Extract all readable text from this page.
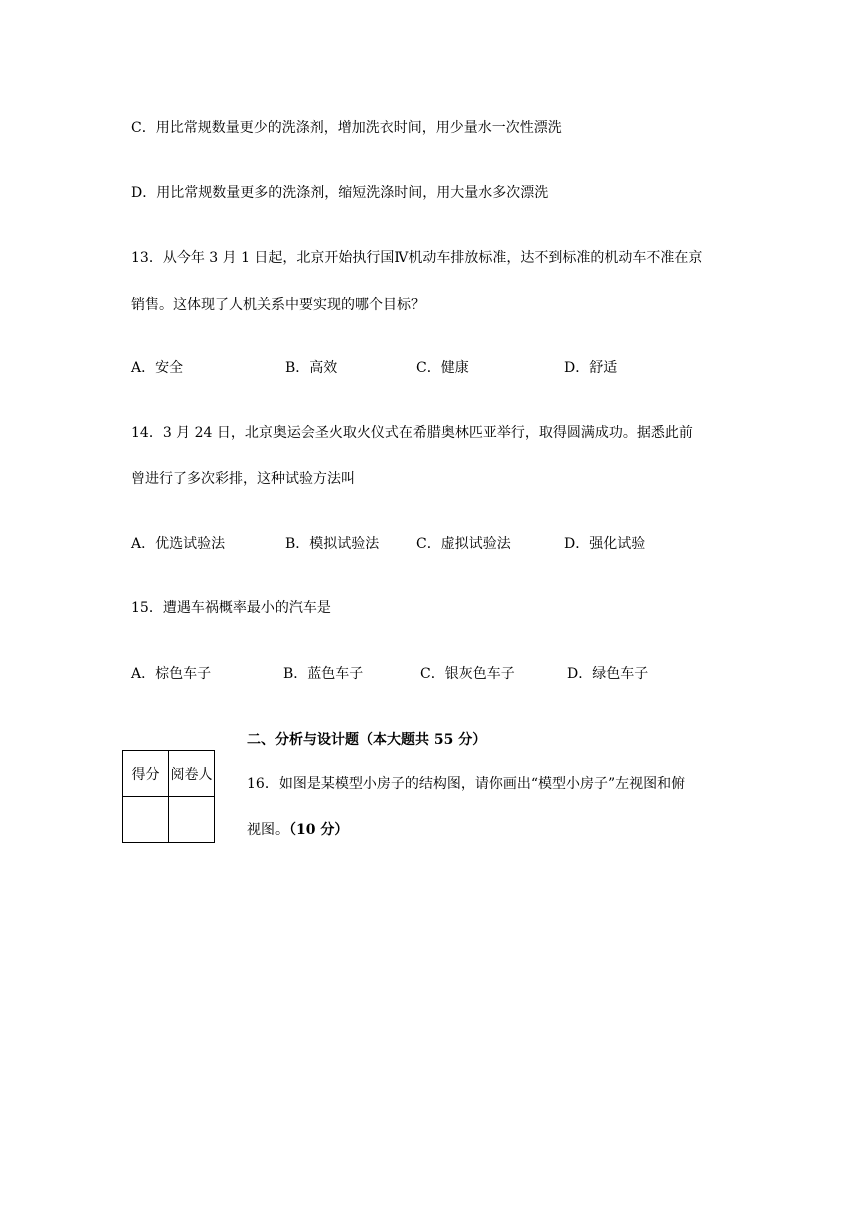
C．用比常规数量更少的洗涤剂，增加洗衣时间，用少量水一次性漂洗
D．用比常规数量更多的洗涤剂，缩短洗涤时间，用大量水多次漂洗
13．从今年 3 月 1 日起，北京开始执行国Ⅳ机动车排放标准，达不到标准的机动车不准在京
销售。这体现了人机关系中要实现的哪个目标？
A．安全	B．高效	C．健康	D．舒适
14．3 月 24 日，北京奥运会圣火取火仪式在希腊奥林匹亚举行，取得圆满成功。据悉此前
曾进行了多次彩排，这种试验方法叫
A．优选试验法	B．模拟试验法	C．虚拟试验法	D．强化试验
15．遭遇车祸概率最小的汽车是
A．棕色车子	B．蓝色车子	C．银灰色车子	D．绿色车子
二、分析与设计题（本大题共 55 分）
得分	阅卷人

16．如图是某模型小房子的结构图，请你画出“模型小房子”左视图和俯
视图。（10 分）
